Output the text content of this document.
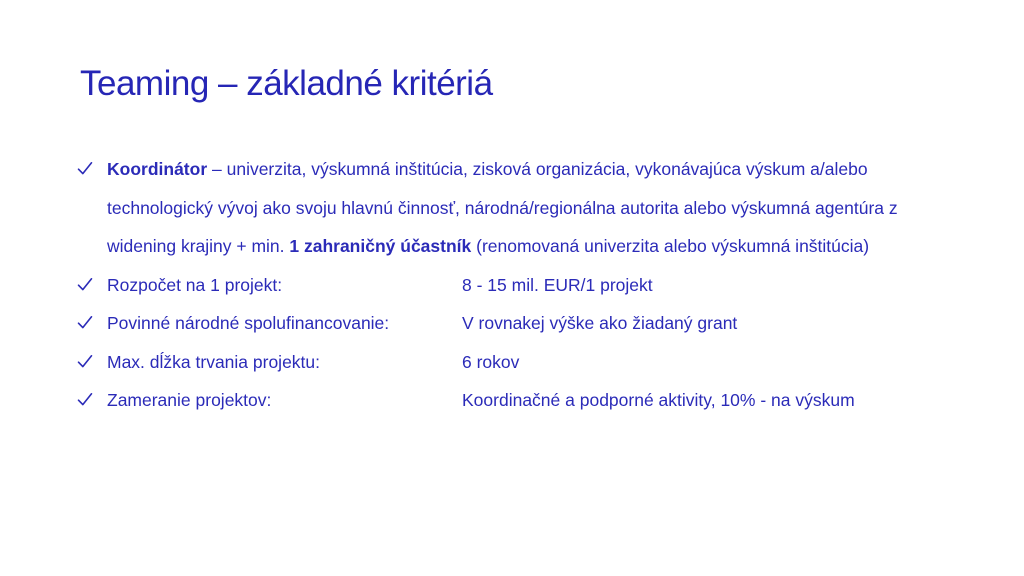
Teaming – základné kritériá
Koordinátor – univerzita, výskumná inštitúcia, zisková organizácia, vykonávajúca výskum a/alebo technologický vývoj ako svoju hlavnú činnosť, národná/regionálna autorita alebo výskumná agentúra z widening krajiny + min. 1 zahraničný účastník (renomovaná univerzita alebo výskumná inštitúcia)
Rozpočet na 1 projekt:	8 - 15 mil. EUR/1 projekt
Povinné národné spolufinancovanie:	V rovnakej výške ako žiadaný grant
Max. dĺžka trvania projektu:	6 rokov
Zameranie projektov:	Koordinačné a podporné aktivity, 10% - na výskum
